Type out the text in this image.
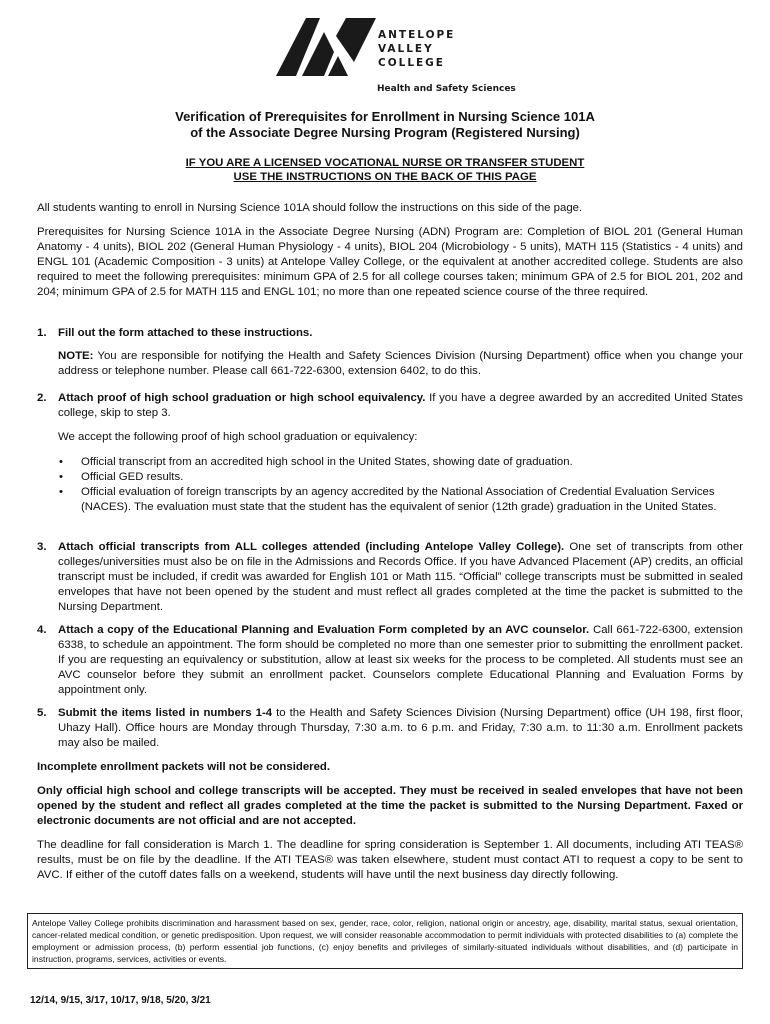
ANTELOPE
VALLEY
COLLEGE
Health and Safety Sciences
Verification of Prerequisites for Enrollment in Nursing Science 101A
of the Associate Degree Nursing Program (Registered Nursing)
IF YOU ARE A LICENSED VOCATIONAL NURSE OR TRANSFER STUDENT
USE THE INSTRUCTIONS ON THE BACK OF THIS PAGE
All students wanting to enroll in Nursing Science 101A should follow the instructions on this side of the page.
Prerequisites for Nursing Science 101A in the Associate Degree Nursing (ADN) Program are: Completion of BIOL 201 (General Human Anatomy - 4 units), BIOL 202 (General Human Physiology - 4 units), BIOL 204 (Microbiology - 5 units), MATH 115 (Statistics - 4 units) and ENGL 101 (Academic Composition - 3 units) at Antelope Valley College, or the equivalent at another accredited college. Students are also required to meet the following prerequisites: minimum GPA of 2.5 for all college courses taken; minimum GPA of 2.5 for BIOL 201, 202 and 204; minimum GPA of 2.5 for MATH 115 and ENGL 101; no more than one repeated science course of the three required.
1. Fill out the form attached to these instructions.
NOTE: You are responsible for notifying the Health and Safety Sciences Division (Nursing Department) office when you change your address or telephone number. Please call 661-722-6300, extension 6402, to do this.
2. Attach proof of high school graduation or high school equivalency. If you have a degree awarded by an accredited United States college, skip to step 3.
We accept the following proof of high school graduation or equivalency:
• Official transcript from an accredited high school in the United States, showing date of graduation.
• Official GED results.
• Official evaluation of foreign transcripts by an agency accredited by the National Association of Credential Evaluation Services (NACES). The evaluation must state that the student has the equivalent of senior (12th grade) graduation in the United States.
3. Attach official transcripts from ALL colleges attended (including Antelope Valley College). One set of transcripts from other colleges/universities must also be on file in the Admissions and Records Office. If you have Advanced Placement (AP) credits, an official transcript must be included, if credit was awarded for English 101 or Math 115. “Official” college transcripts must be submitted in sealed envelopes that have not been opened by the student and must reflect all grades completed at the time the packet is submitted to the Nursing Department.
4. Attach a copy of the Educational Planning and Evaluation Form completed by an AVC counselor. Call 661-722-6300, extension 6338, to schedule an appointment. The form should be completed no more than one semester prior to submitting the enrollment packet. If you are requesting an equivalency or substitution, allow at least six weeks for the process to be completed. All students must see an AVC counselor before they submit an enrollment packet. Counselors complete Educational Planning and Evaluation Forms by appointment only.
5. Submit the items listed in numbers 1-4 to the Health and Safety Sciences Division (Nursing Department) office (UH 198, first floor, Uhazy Hall). Office hours are Monday through Thursday, 7:30 a.m. to 6 p.m. and Friday, 7:30 a.m. to 11:30 a.m. Enrollment packets may also be mailed.
Incomplete enrollment packets will not be considered.
Only official high school and college transcripts will be accepted. They must be received in sealed envelopes that have not been opened by the student and reflect all grades completed at the time the packet is submitted to the Nursing Department. Faxed or electronic documents are not official and are not accepted.
The deadline for fall consideration is March 1. The deadline for spring consideration is September 1. All documents, including ATI TEAS® results, must be on file by the deadline. If the ATI TEAS® was taken elsewhere, student must contact ATI to request a copy to be sent to AVC. If either of the cutoff dates falls on a weekend, students will have until the next business day directly following.
Antelope Valley College prohibits discrimination and harassment based on sex, gender, race, color, religion, national origin or ancestry, age, disability, marital status, sexual orientation, cancer-related medical condition, or genetic predisposition. Upon request, we will consider reasonable accommodation to permit individuals with protected disabilities to (a) complete the employment or admission process, (b) perform essential job functions, (c) enjoy benefits and privileges of similarly-situated individuals without disabilities, and (d) participate in instruction, programs, services, activities or events.
12/14, 9/15, 3/17, 10/17, 9/18, 5/20, 3/21
